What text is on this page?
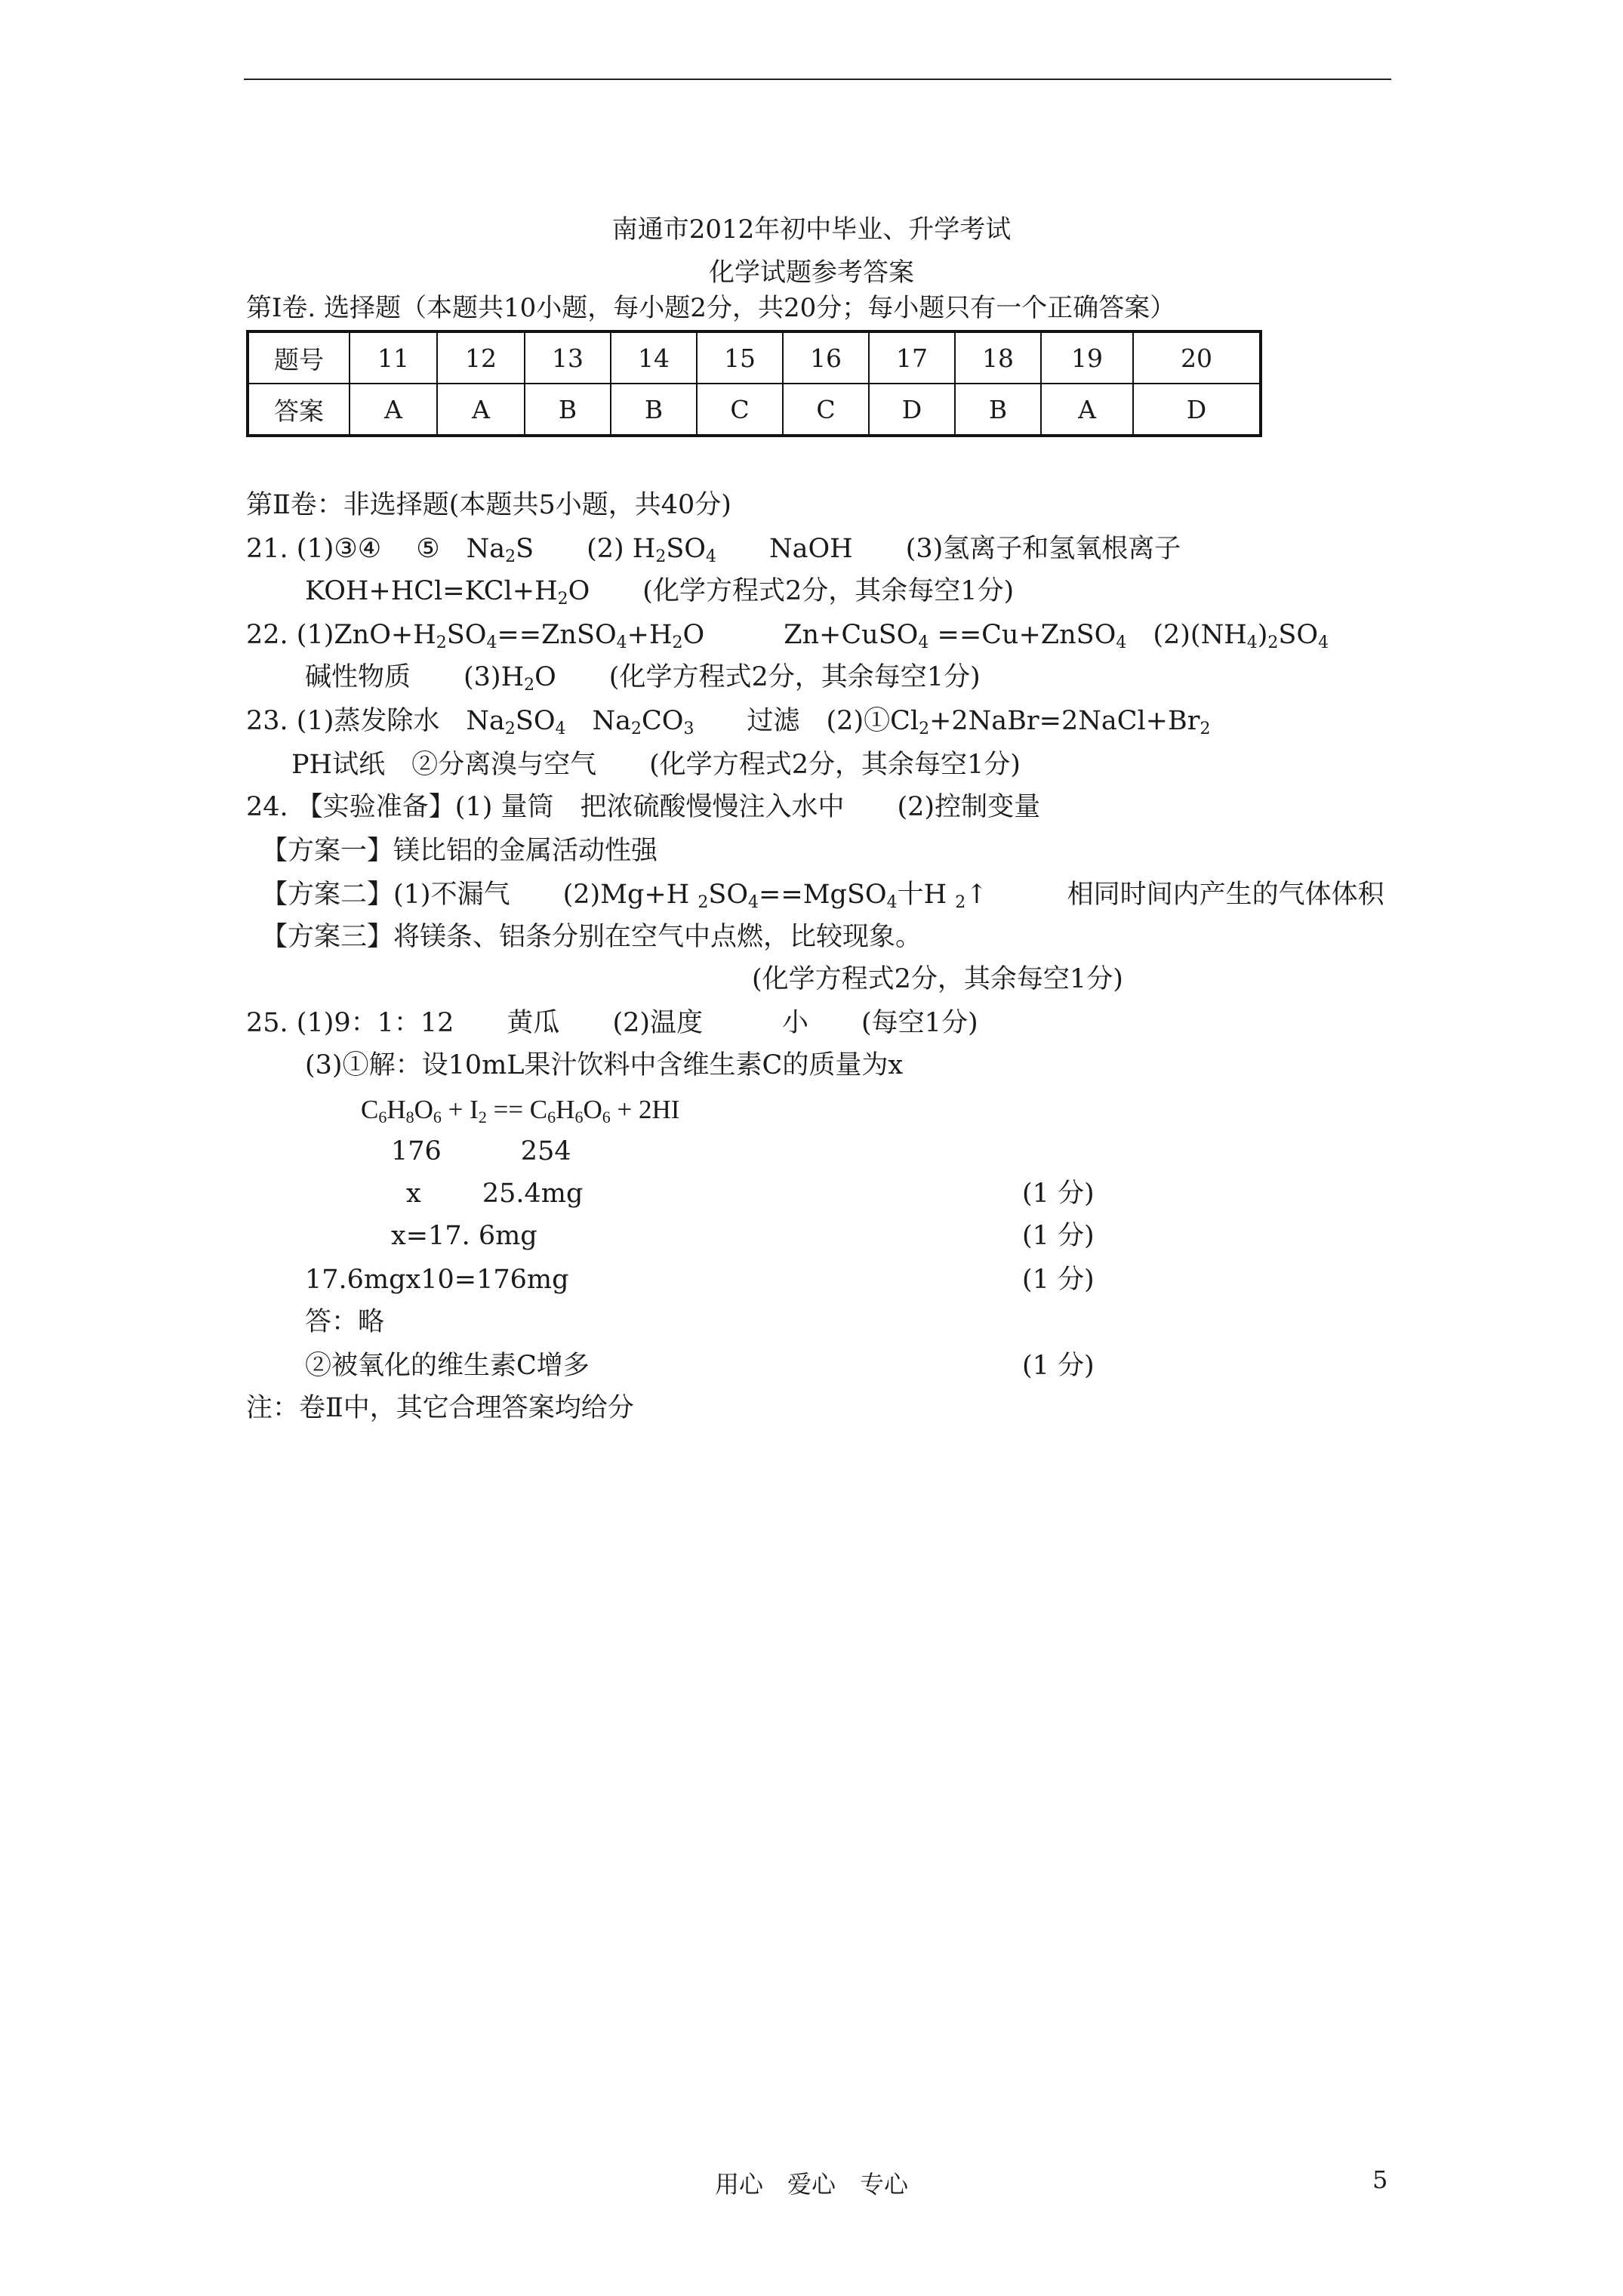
南通市2012年初中毕业、升学考试
化学试题参考答案
第Ⅰ卷. 选择题（本题共10小题，每小题2分，共20分；每小题只有一个正确答案）
题号	11	12	13	14	15	16	17	18	19	20
答案	A	A	B	B	C	C	D	B	A	D
第Ⅱ卷：非选择题(本题共5小题，共40分)
21. (1)③④　 ⑤　$Na_2S$　　(2) $H_2SO_4$　　NaOH　　(3)氢离子和氢氧根离子
$KOH+HCl=KCl+H_2O$　　(化学方程式2分，其余每空1分)
22. $(1)ZnO+H_2SO_4==ZnSO_4+H_2O$　　　Zn+CuSO$_4$ ==Cu+ZnSO$_4$　$(2)(NH_4)_2SO_4$
碱性物质　　$(3)H_2O$　　(化学方程式2分，其余每空1分)
23. (1)蒸发除水　$Na_2SO_4$　$Na_2CO_3$　　过滤　$(2)①Cl_2+2NaBr=2NaCl+Br_2$
PH试纸　②分离溴与空气　　(化学方程式2分，其余每空1分)
24. 【实验准备】(1) 量筒　把浓硫酸慢慢注入水中　　(2)控制变量
【方案一】镁比铝的金属活动性强
【方案二】(1)不漏气　　(2)Mg+H $_2SO_4==MgSO_4$十H $_2$↑　　　相同时间内产生的气体体积
【方案三】将镁条、铝条分别在空气中点燃，比较现象。
(化学方程式2分，其余每空1分)
25. (1)9：1：12　　黄瓜　　(2)温度　　　小　　(每空1分)
(3)①解：设10mL果汁饮料中含维生素C的质量为x
$C_6H_8O_6 + I_2 == C_6H_6O_6 + 2HI$
176　　　254
x　　 25.4mg	(1 分)
x=17. 6mg	(1 分)
17.6mgx10=176mg	(1 分)
答：略
②被氧化的维生素C增多	(1 分)
注：卷Ⅱ中，其它合理答案均给分
用心　爱心　专心	5
